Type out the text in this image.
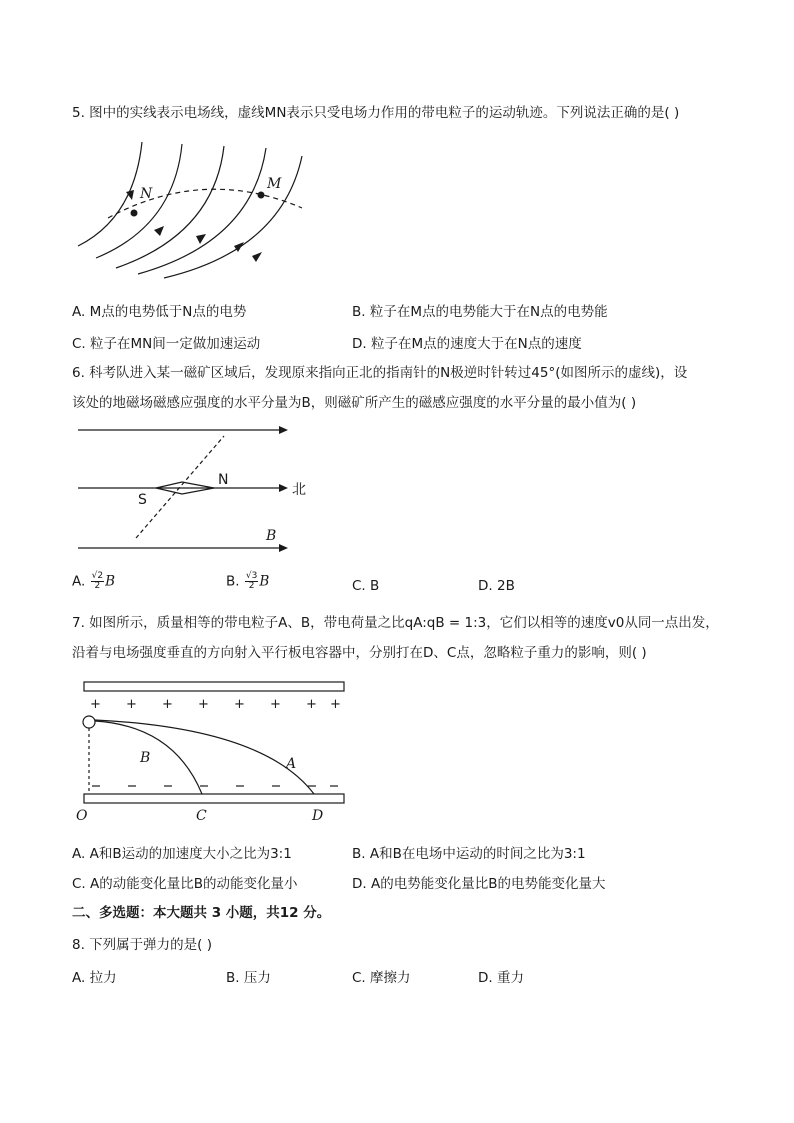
5. 图中的实线表示电场线，虚线MN表示只受电场力作用的带电粒子的运动轨迹。下列说法正确的是( )
N
M
A. M点的电势低于N点的电势	B. 粒子在M点的电势能大于在N点的电势能
C. 粒子在MN间一定做加速运动	D. 粒子在M点的速度大于在N点的速度
6. 科考队进入某一磁矿区域后，发现原来指向正北的指南针的N极逆时针转过45°(如图所示的虚线)，设
该处的地磁场磁感应强度的水平分量为B，则磁矿所产生的磁感应强度的水平分量的最小值为( )
S
N
北
B
A. $\frac{√2}{2}$ B	B. $\frac{√3}{2}$ B	C. B	D. 2B
7. 如图所示，质量相等的带电粒子A、B，带电荷量之比qA:qB = 1:3，它们以相等的速度v0从同一点出发，
沿着与电场强度垂直的方向射入平行板电容器中，分别打在D、C点，忽略粒子重力的影响，则( )
+ + + + + + + +
B	A
O	C	D
A. A和B运动的加速度大小之比为3:1	B. A和B在电场中运动的时间之比为3:1
C. A的动能变化量比B的动能变化量小	D. A的电势能变化量比B的电势能变化量大
二、多选题：本大题共 3 小题，共12 分。
8. 下列属于弹力的是( )
A. 拉力	B. 压力	C. 摩擦力	D. 重力
